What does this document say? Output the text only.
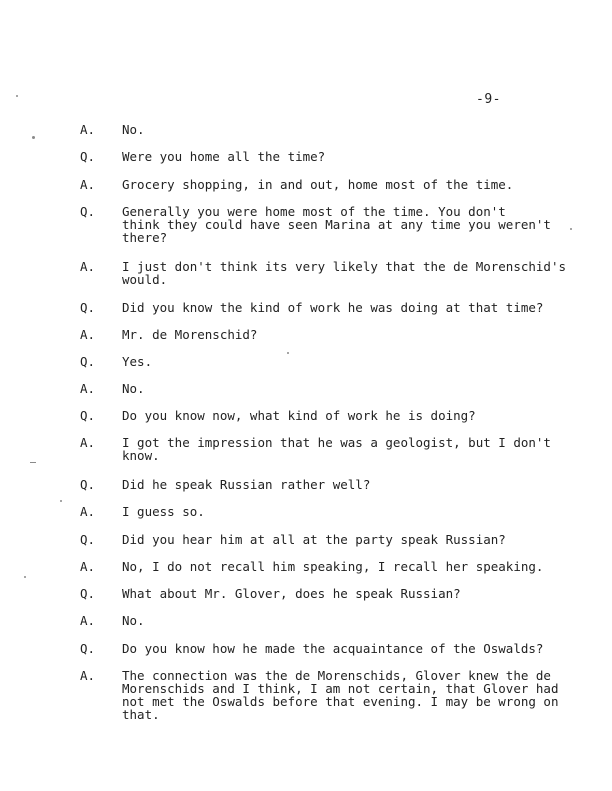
-9-
A. No.
Q. Were you home all the time?
A. Grocery shopping, in and out, home most of the time.
Q. Generally you were home most of the time. You don't
think they could have seen Marina at any time you weren't
there?
A. I just don't think its very likely that the de Morenschid's
would.
Q. Did you know the kind of work he was doing at that time?
A. Mr. de Morenschid?
Q. Yes.
A. No.
Q. Do you know now, what kind of work he is doing?
A. I got the impression that he was a geologist, but I don't
know.
Q. Did he speak Russian rather well?
A. I guess so.
Q. Did you hear him at all at the party speak Russian?
A. No, I do not recall him speaking, I recall her speaking.
Q. What about Mr. Glover, does he speak Russian?
A. No.
Q. Do you know how he made the acquaintance of the Oswalds?
A. The connection was the de Morenschids, Glover knew the de
Morenschids and I think, I am not certain, that Glover had
not met the Oswalds before that evening. I may be wrong on that.
